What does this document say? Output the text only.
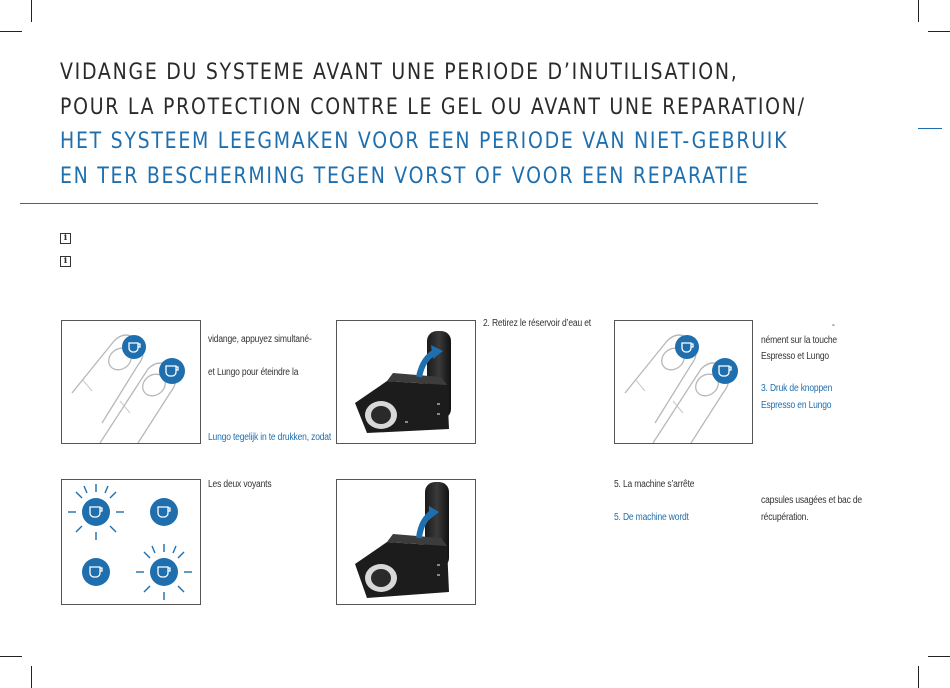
VIDANGE DU SYSTEME AVANT UNE PERIODE D’INUTILISATION,
POUR LA PROTECTION CONTRE LE GEL OU AVANT UNE REPARATION/
HET SYSTEEM LEEGMAKEN VOOR EEN PERIODE VAN NIET-GEBRUIK
EN TER BESCHERMING TEGEN VORST OF VOOR EEN REPARATIE
i
i
vidange, appuyez simultané-
et Lungo pour éteindre la
Lungo tegelijk in te drukken, zodat
2. Retirez le réservoir d’eau et	-
nément sur la touche
Espresso et Lungo
3. Druk de knoppen
Espresso en Lungo
Les deux voyants	5. La machine s’arrête
5. De machine wordt
capsules usagées et bac de
récupération.
